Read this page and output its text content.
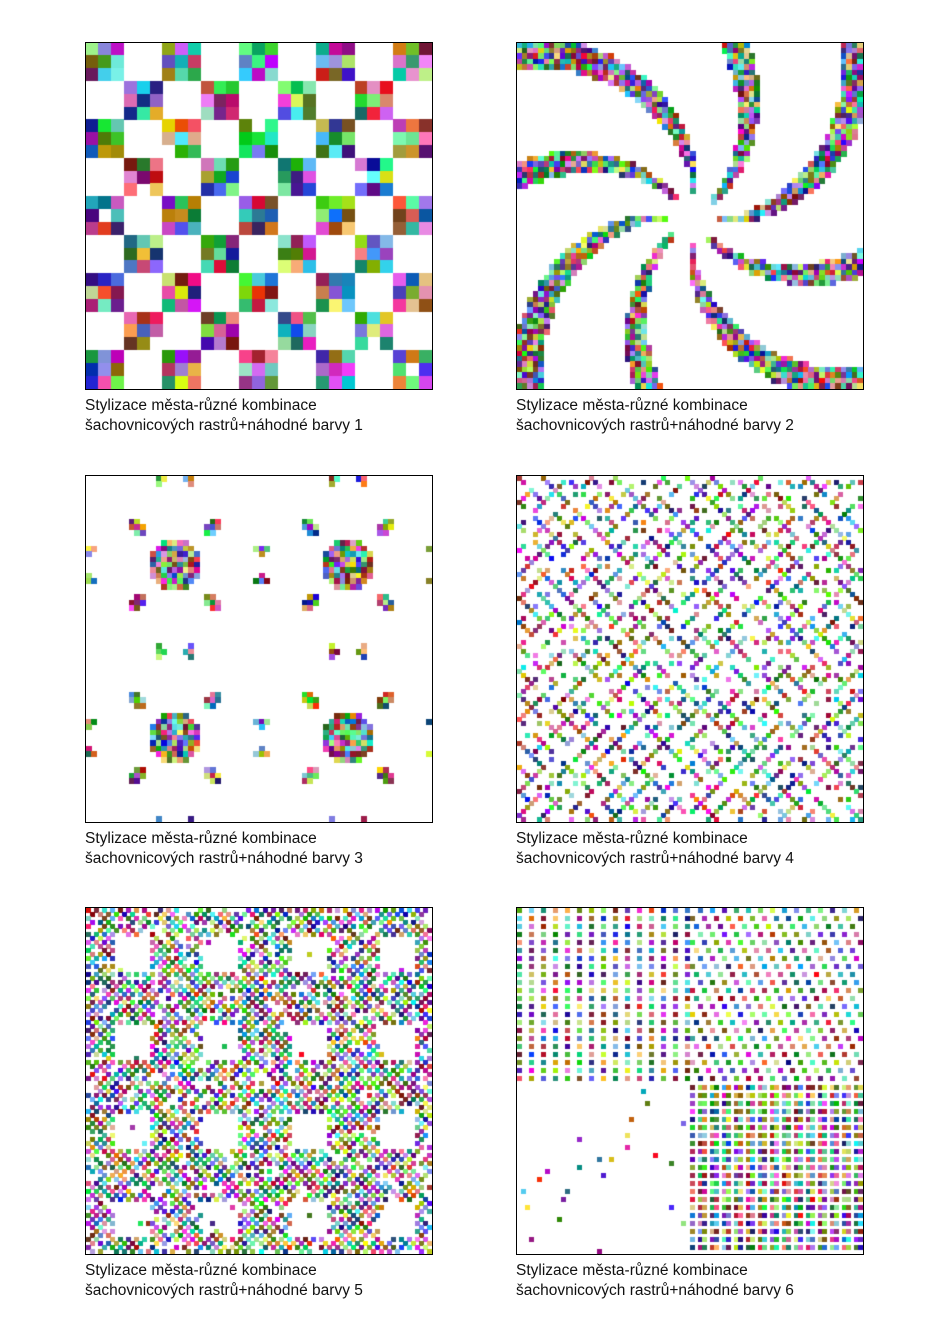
Stylizace města-různé kombinace
šachovnicových rastrů+náhodné barvy 1
Stylizace města-různé kombinace
šachovnicových rastrů+náhodné barvy 2
Stylizace města-různé kombinace
šachovnicových rastrů+náhodné barvy 3
Stylizace města-různé kombinace
šachovnicových rastrů+náhodné barvy 4
Stylizace města-různé kombinace
šachovnicových rastrů+náhodné barvy 5
Stylizace města-různé kombinace
šachovnicových rastrů+náhodné barvy 6
